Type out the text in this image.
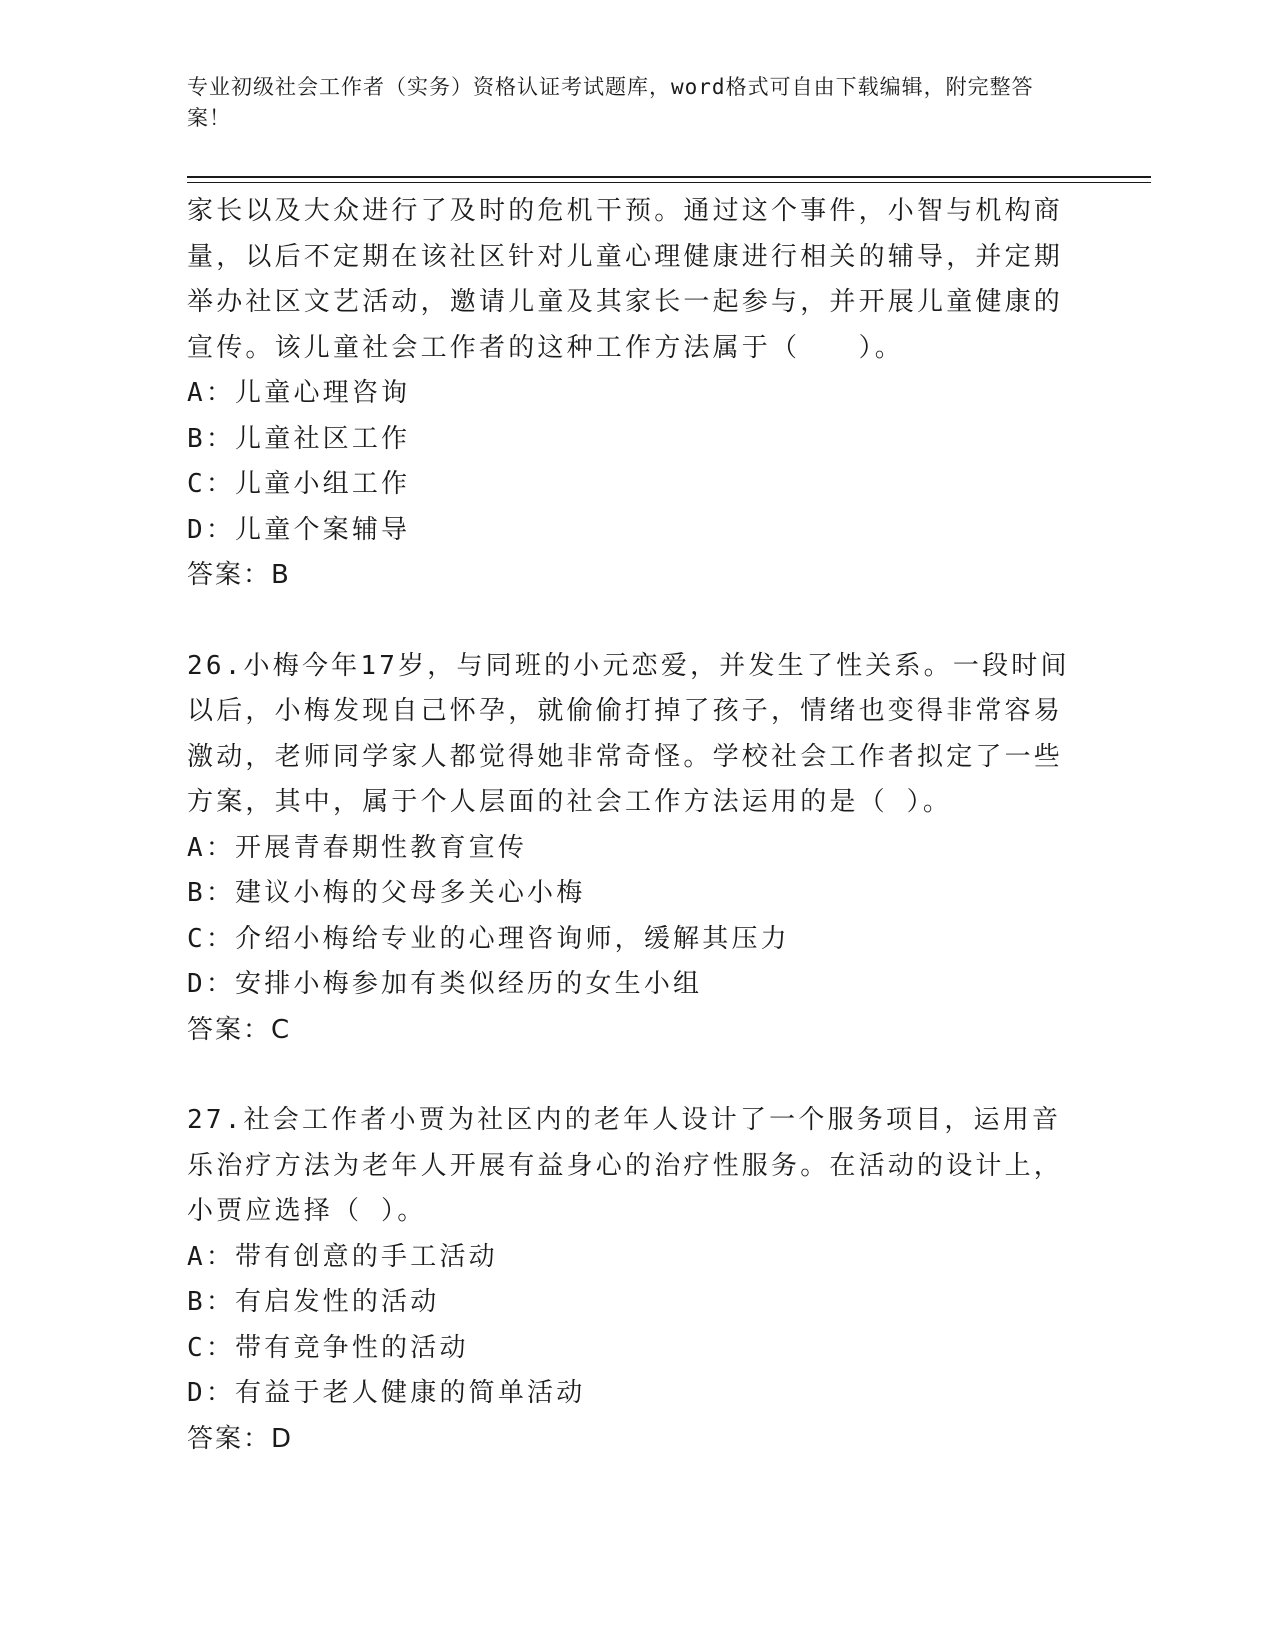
专业初级社会工作者（实务）资格认证考试题库，word格式可自由下载编辑，附完整答案！

家长以及大众进行了及时的危机干预。通过这个事件，小智与机构商量，以后不定期在该社区针对儿童心理健康进行相关的辅导，并定期举办社区文艺活动，邀请儿童及其家长一起参与，并开展儿童健康的宣传。该儿童社会工作者的这种工作方法属于（　　）。

A：儿童心理咨询

B：儿童社区工作

C：儿童小组工作

D：儿童个案辅导

答案：B

26.小梅今年17岁，与同班的小元恋爱，并发生了性关系。一段时间以后，小梅发现自己怀孕，就偷偷打掉了孩子，情绪也变得非常容易激动，老师同学家人都觉得她非常奇怪。学校社会工作者拟定了一些方案，其中，属于个人层面的社会工作方法运用的是（ ）。

A：开展青春期性教育宣传

B：建议小梅的父母多关心小梅

C：介绍小梅给专业的心理咨询师，缓解其压力

D：安排小梅参加有类似经历的女生小组

答案：C

27.社会工作者小贾为社区内的老年人设计了一个服务项目，运用音乐治疗方法为老年人开展有益身心的治疗性服务。在活动的设计上，小贾应选择（ ）。

A：带有创意的手工活动

B：有启发性的活动

C：带有竞争性的活动

D：有益于老人健康的简单活动

答案：D
